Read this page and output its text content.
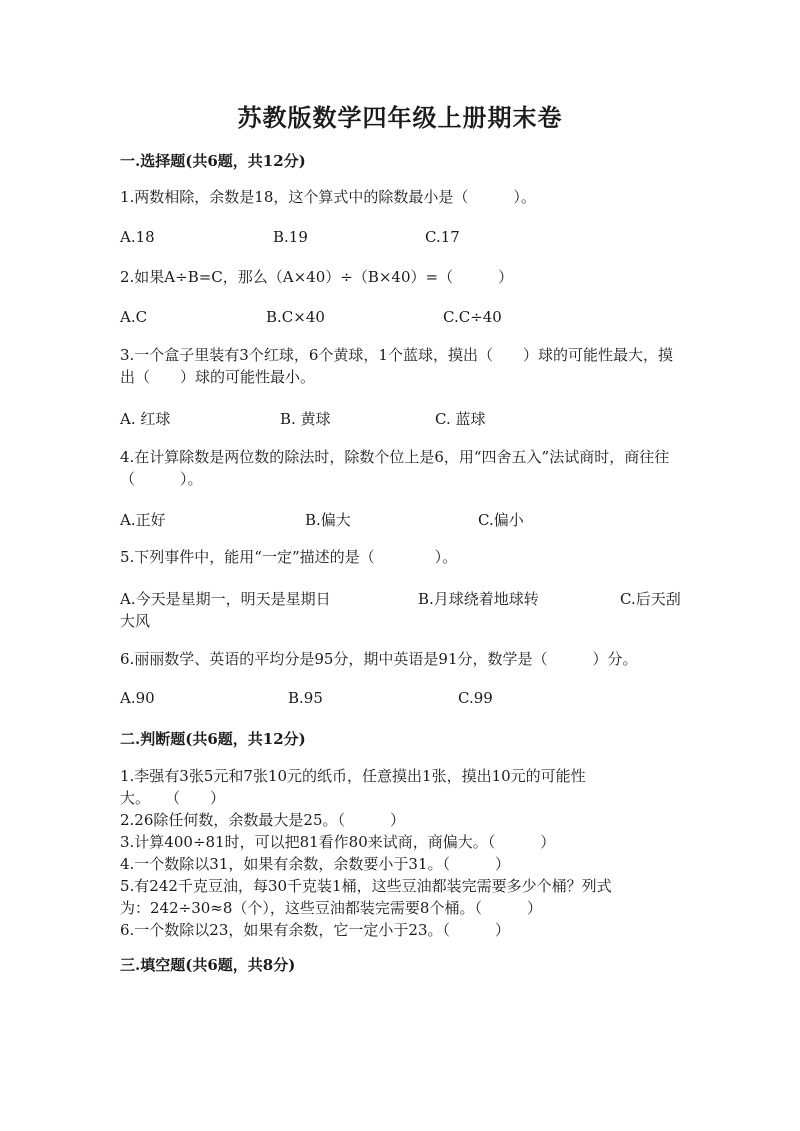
苏教版数学四年级上册期末卷
一.选择题(共6题，共12分)
1.两数相除，余数是18，这个算式中的除数最小是（　　　）。
A.18	B.19	C.17
2.如果A÷B=C，那么（A×40）÷（B×40）=（　　　）
A.C	B.C×40	C.C÷40
3.一个盒子里装有3个红球，6个黄球，1个蓝球，摸出（　　）球的可能性最大，摸出（　　）球的可能性最小。
A. 红球	B. 黄球	C. 蓝球
4.在计算除数是两位数的除法时，除数个位上是6，用“四舍五入”法试商时，商往往（　　　）。
A.正好	B.偏大	C.偏小
5.下列事件中，能用“一定”描述的是（　　　　）。
A.今天是星期一，明天是星期日	B.月球绕着地球转	C.后天刮大风
6.丽丽数学、英语的平均分是95分，期中英语是91分，数学是（　　　）分。
A.90	B.95	C.99
二.判断题(共6题，共12分)
1.李强有3张5元和7张10元的纸币，任意摸出1张，摸出10元的可能性
大。　　（　　）
2.26除任何数，余数最大是25。（　　　）
3.计算400÷81时，可以把81看作80来试商，商偏大。（　　　）
4.一个数除以31，如果有余数，余数要小于31。（　　　）
5.有242千克豆油，每30千克装1桶，这些豆油都装完需要多少个桶？列式
为：242÷30≈8（个），这些豆油都装完需要8个桶。（　　　）
6.一个数除以23，如果有余数，它一定小于23。（　　　）
三.填空题(共6题，共8分)
